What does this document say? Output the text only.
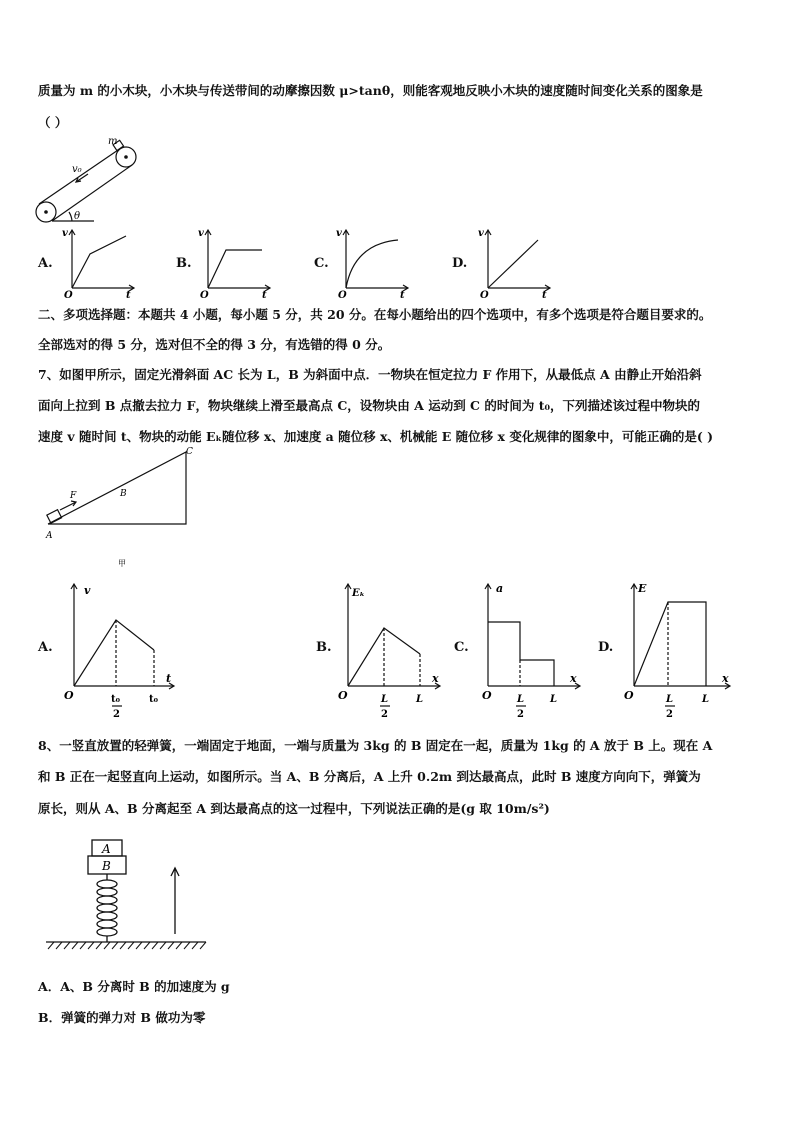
质量为 m 的小木块，小木块与传送带间的动摩擦因数 μ>tanθ，则能客观地反映小木块的速度随时间变化关系的图象是
（ ）
m
v₀
θ
A.	B.	C.	D.
v
O	t
v
O	t
v
O	t
v
O	t
二、多项选择题：本题共 4 小题，每小题 5 分，共 20 分。在每小题给出的四个选项中，有多个选项是符合题目要求的。
全部选对的得 5 分，选对但不全的得 3 分，有选错的得 0 分。
7、如图甲所示，固定光滑斜面 AC 长为 L，B 为斜面中点．一物块在恒定拉力 F 作用下，从最低点 A 由静止开始沿斜
面向上拉到 B 点撤去拉力 F，物块继续上滑至最高点 C，设物块由 A 运动到 C 的时间为 t₀，下列描述该过程中物块的
速度 v 随时间 t、物块的动能 Eₖ随位移 x、加速度 a 随位移 x、机械能 E 随位移 x 变化规律的图象中，可能正确的是( )
F	B
C
A
甲
A.	B.	C.	D.
v
O
t
t₀
2
t₀
Eₖ
O
x
L
2
L
a
O
x
L
2
L
E
O
x
L
2
L
8、一竖直放置的轻弹簧，一端固定于地面，一端与质量为 3kg 的 B 固定在一起，质量为 1kg 的 A 放于 B 上。现在 A
和 B 正在一起竖直向上运动，如图所示。当 A、B 分离后，A 上升 0.2m 到达最高点，此时 B 速度方向向下，弹簧为
原长，则从 A、B 分离起至 A 到达最高点的这一过程中，下列说法正确的是(g 取 10m/s²)
A
B
A．A、B 分离时 B 的加速度为 g
B．弹簧的弹力对 B 做功为零
